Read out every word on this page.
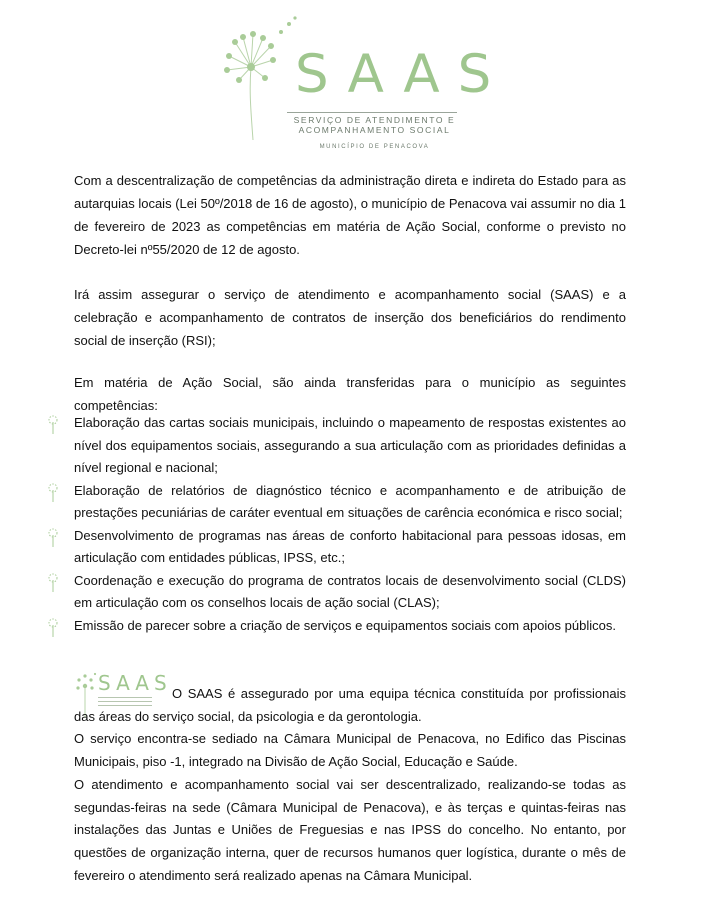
SAAS
SERVIÇO DE ATENDIMENTO E ACOMPANHAMENTO SOCIAL
MUNICÍPIO DE PENACOVA

Com a descentralização de competências da administração direta e indireta do Estado para as autarquias locais (Lei 50º/2018 de 16 de agosto), o município de Penacova vai assumir no dia 1 de fevereiro de 2023 as competências em matéria de Ação Social, conforme o previsto no Decreto-lei nº55/2020 de 12 de agosto.

Irá assim assegurar o serviço de atendimento e acompanhamento social (SAAS) e a celebração e acompanhamento de contratos de inserção dos beneficiários do rendimento social de inserção (RSI);

Em matéria de Ação Social, são ainda transferidas para o município as seguintes competências:

Elaboração das cartas sociais municipais, incluindo o mapeamento de respostas existentes ao nível dos equipamentos sociais, assegurando a sua articulação com as prioridades definidas a nível regional e nacional;
Elaboração de relatórios de diagnóstico técnico e acompanhamento e de atribuição de prestações pecuniárias de caráter eventual em situações de carência económica e risco social;
Desenvolvimento de programas nas áreas de conforto habitacional para pessoas idosas, em articulação com entidades públicas, IPSS, etc.;
Coordenação e execução do programa de contratos locais de desenvolvimento social (CLDS) em articulação com os conselhos locais de ação social (CLAS);
Emissão de parecer sobre a criação de serviços e equipamentos sociais com apoios públicos.
SAAS O SAAS é assegurado por uma equipa técnica constituída por profissionais das áreas do serviço social, da psicologia e da gerontologia.
O serviço encontra-se sediado na Câmara Municipal de Penacova, no Edifico das Piscinas Municipais, piso -1, integrado na Divisão de Ação Social, Educação e Saúde.
O atendimento e acompanhamento social vai ser descentralizado, realizando-se todas as segundas-feiras na sede (Câmara Municipal de Penacova), e às terças e quintas-feiras nas instalações das Juntas e Uniões de Freguesias e nas IPSS do concelho. No entanto, por questões de organização interna, quer de recursos humanos quer logística, durante o mês de fevereiro o atendimento será realizado apenas na Câmara Municipal.
